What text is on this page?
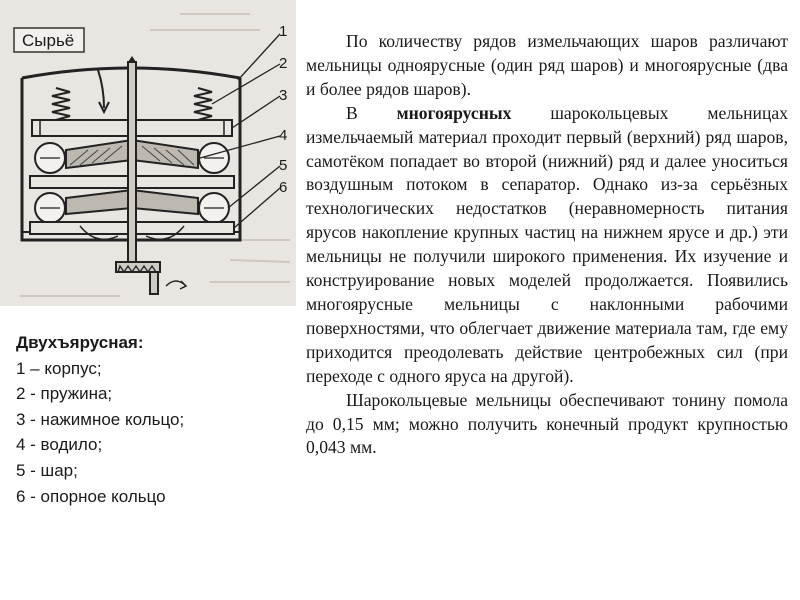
Сырьё	1
2
3
4
5
6
Двухъярусная:
1 – корпус;
2 - пружина;
3 - нажимное кольцо;
4 - водило;
5 - шар;
6 - опорное кольцо

По количеству рядов измельчающих шаров различают мельницы одноярусные (один ряд шаров) и многоярусные (два и более рядов шаров).

В многоярусных шарокольцевых мельницах измельчаемый материал проходит первый (верхний) ряд шаров, самотёком попадает во второй (нижний) ряд и далее уноситься воздушным потоком в сепаратор. Однако из-за серьёзных технологических недостатков (неравномерность питания ярусов накопление крупных частиц на нижнем ярусе и др.) эти мельницы не получили широкого применения. Их изучение и конструирование новых моделей продолжается. Появились многоярусные мельницы с наклонными рабочими поверхностями, что облегчает движение материала там, где ему приходится преодолевать действие центробежных сил (при переходе с одного яруса на другой).

Шарокольцевые мельницы обеспечивают тонину помола до 0,15 мм; можно получить конечный продукт крупностью 0,043 мм.
